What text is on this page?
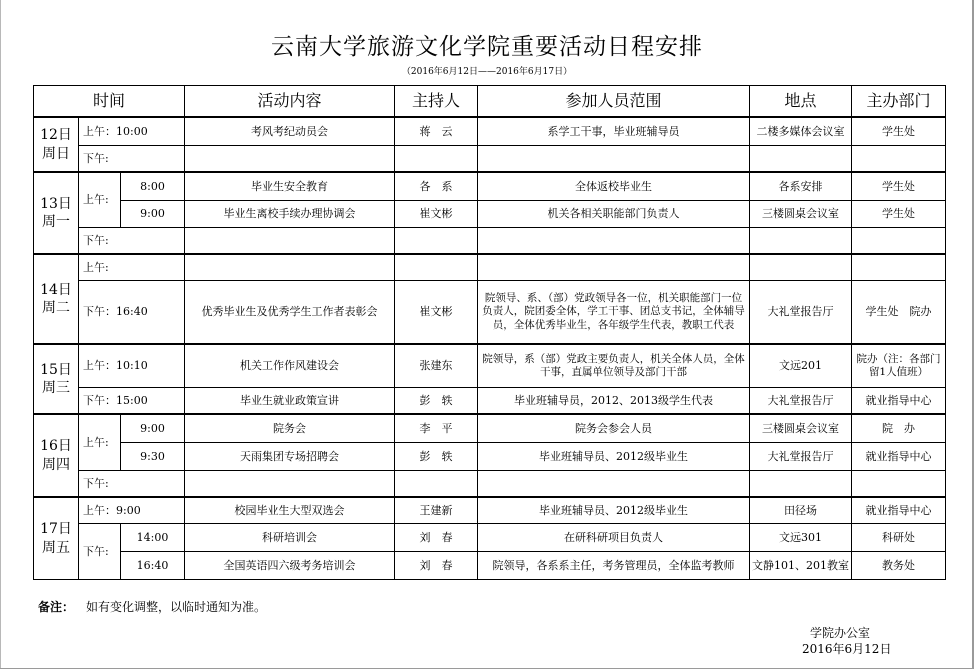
云南大学旅游文化学院重要活动日程安排
（2016年6月12日——2016年6月17日）
时间			活动内容	主持人	参加人员范围	地点	主办部门
12日
周日	上午：10:00		考风考纪动员会	蒋　云	系学工干事，毕业班辅导员	二楼多媒体会议室	学生处
	下午:						
13日
周一	上午:	8:00	毕业生安全教育	各　系	全体返校毕业生	各系安排	学生处
		9:00	毕业生离校手续办理协调会	崔文彬	机关各相关职能部门负责人	三楼圆桌会议室	学生处
	下午:						
14日
周二	上午:						
	下午：16:40		优秀毕业生及优秀学生工作者表彰会	崔文彬	院领导、系、（部）党政领导各一位，机关职能部门一位负责人，院团委全体，学工干事、团总支书记，全体辅导员，全体优秀毕业生，各年级学生代表，教职工代表	大礼堂报告厅	学生处　院办
15日
周三	上午：10:10		机关工作作风建设会	张建东	院领导，系（部）党政主要负责人，机关全体人员，全体干事，直属单位领导及部门干部	文远201	院办（注：各部门留1人值班）
	下午：15:00		毕业生就业政策宣讲	彭　轶	毕业班辅导员，2012、2013级学生代表	大礼堂报告厅	就业指导中心
16日
周四	上午:	9:00	院务会	李　平	院务会参会人员	三楼圆桌会议室	院　办
		9:30	天雨集团专场招聘会	彭　轶	毕业班辅导员、2012级毕业生	大礼堂报告厅	就业指导中心
	下午:						
17日
周五	上午：9:00		校园毕业生大型双选会	王建新	毕业班辅导员、2012级毕业生	田径场	就业指导中心
	下午:	14:00	科研培训会	刘　春	在研科研项目负责人	文远301	科研处
		16:40	全国英语四六级考务培训会	刘　春	院领导，各系系主任，考务管理员，全体监考教师	文静101、201教室	教务处
备注： 如有变化调整，以临时通知为准。
学院办公室
2016年6月12日
